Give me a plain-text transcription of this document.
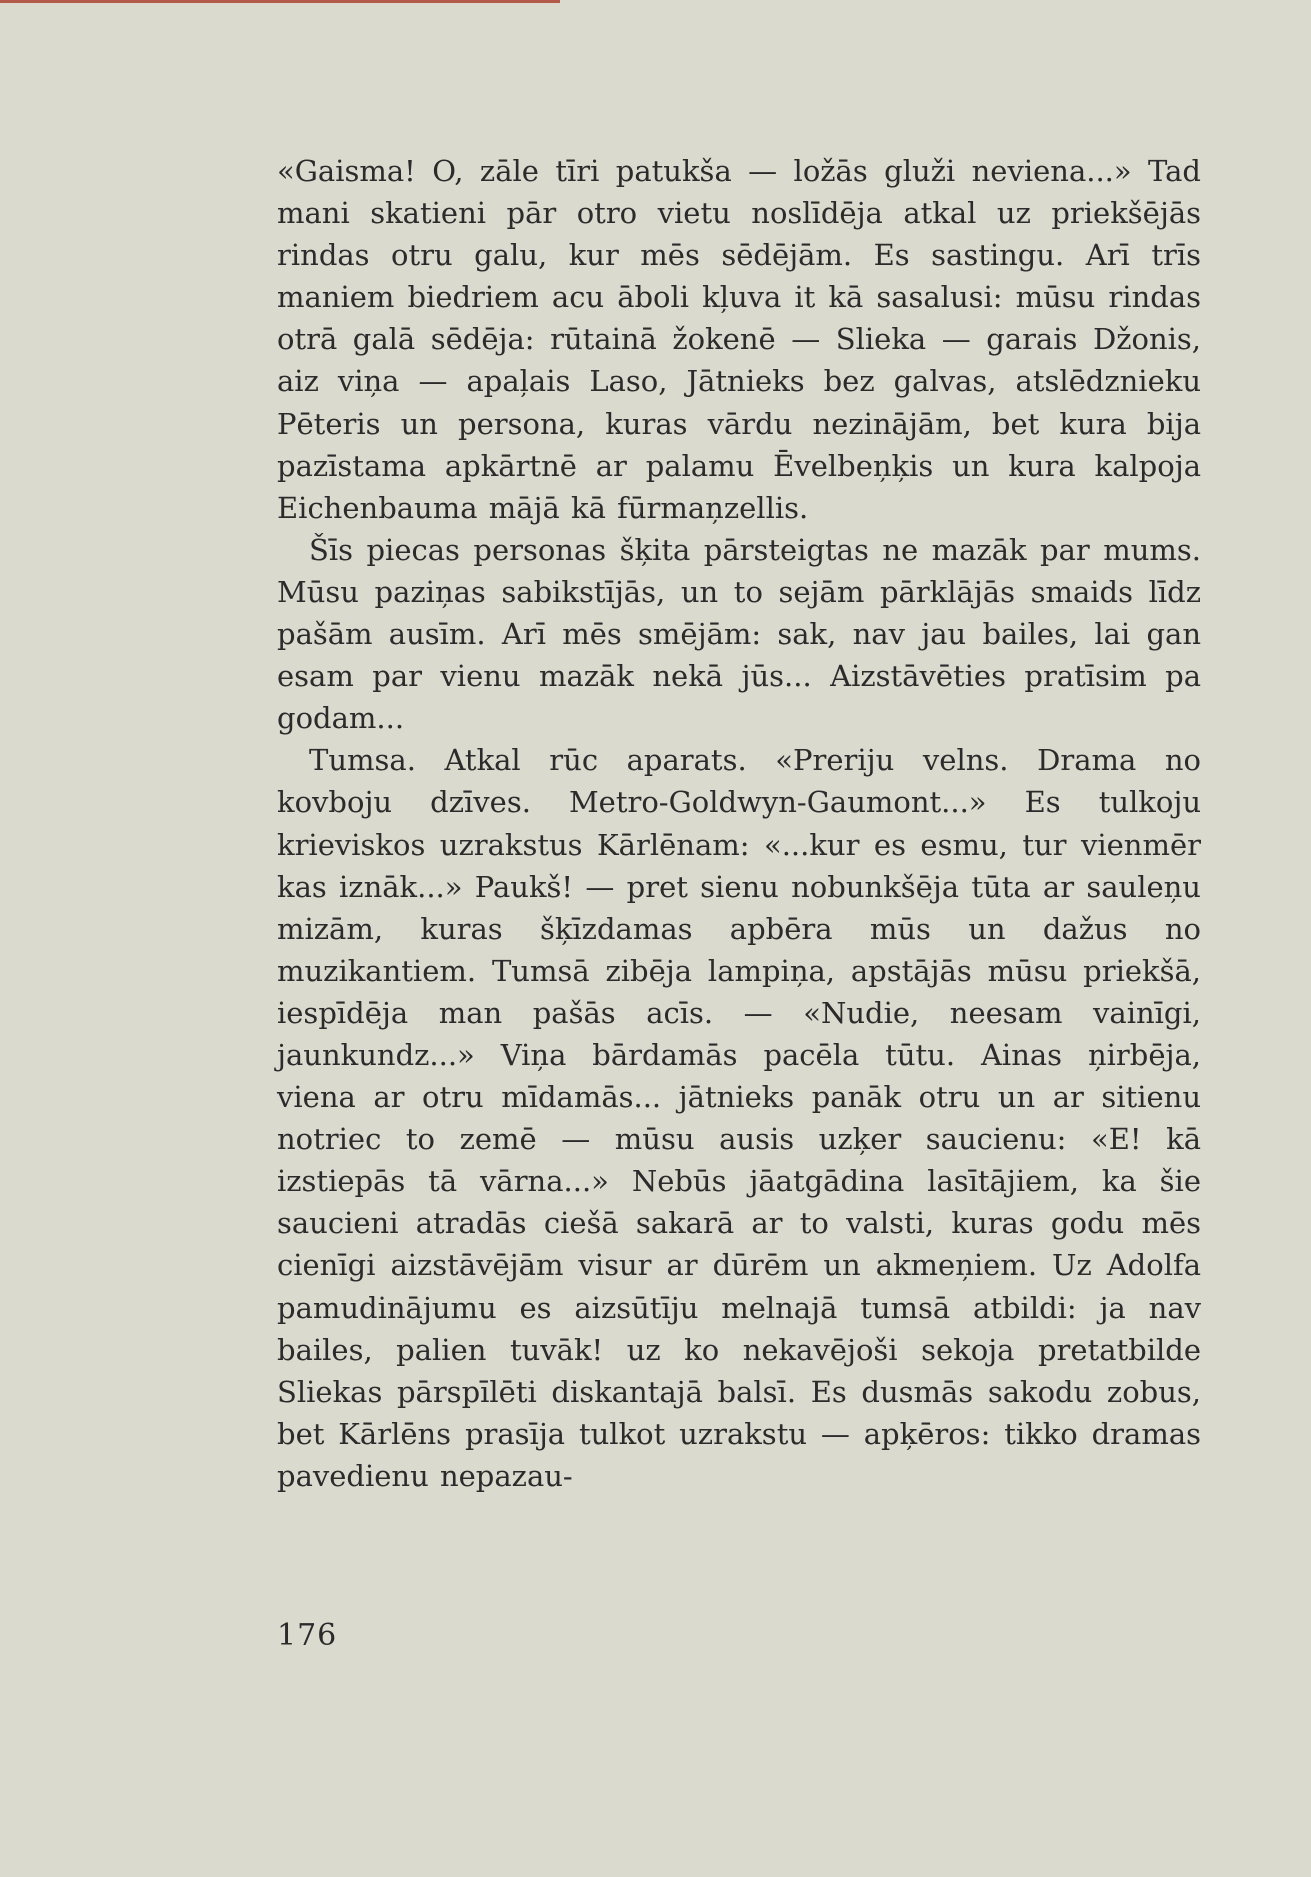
«Gaisma! O, zāle tīri patukša — ložās gluži neviena...» Tad mani skatieni pār otro vietu noslīdēja atkal uz priekšējās rindas otru galu, kur mēs sēdējām. Es sastingu. Arī trīs maniem biedriem acu āboli kļuva it kā sasalusi: mūsu rindas otrā galā sēdēja: rūtainā žokenē — Slieka — garais Džonis, aiz viņa — apaļais Laso, Jātnieks bez galvas, atslēdznieku Pēteris un persona, kuras vārdu nezinājām, bet kura bija pazīstama apkārtnē ar palamu Ēvelbeņķis un kura kalpoja Eichenbauma mājā kā fūrmaņzellis.

Šīs piecas personas šķita pārsteigtas ne mazāk par mums. Mūsu paziņas sabikstījās, un to sejām pārklājās smaids līdz pašām ausīm. Arī mēs smējām: sak, nav jau bailes, lai gan esam par vienu mazāk nekā jūs... Aizstāvēties pratīsim pa godam...

Tumsa. Atkal rūc aparats. «Preriju velns. Drama no kovboju dzīves. Metro-Goldwyn-Gaumont...» Es tulkoju krieviskos uzrakstus Kārlēnam: «...kur es esmu, tur vienmēr kas iznāk...» Paukš! — pret sienu nobunkšēja tūta ar sauleņu mizām, kuras šķīzdamas apbēra mūs un dažus no muzikantiem. Tumsā zibēja lampiņa, apstājās mūsu priekšā, iespīdēja man pašās acīs. — «Nudie, neesam vainīgi, jaunkundz...» Viņa bārdamās pacēla tūtu. Ainas ņirbēja, viena ar otru mīdamās... jātnieks panāk otru un ar sitienu notriec to zemē — mūsu ausis uzķer saucienu: «E! kā izstiepās tā vārna...» Nebūs jāatgādina lasītājiem, ka šie saucieni atradās ciešā sakarā ar to valsti, kuras godu mēs cienīgi aizstāvējām visur ar dūrēm un akmeņiem. Uz Adolfa pamudinājumu es aizsūtīju melnajā tumsā atbildi: ja nav bailes, palien tuvāk! uz ko nekavējoši sekoja pretatbilde Sliekas pārspīlēti diskantajā balsī. Es dusmās sakodu zobus, bet Kārlēns prasīja tulkot uzrakstu — apķēros: tikko dramas pavedienu nepazau-

176
